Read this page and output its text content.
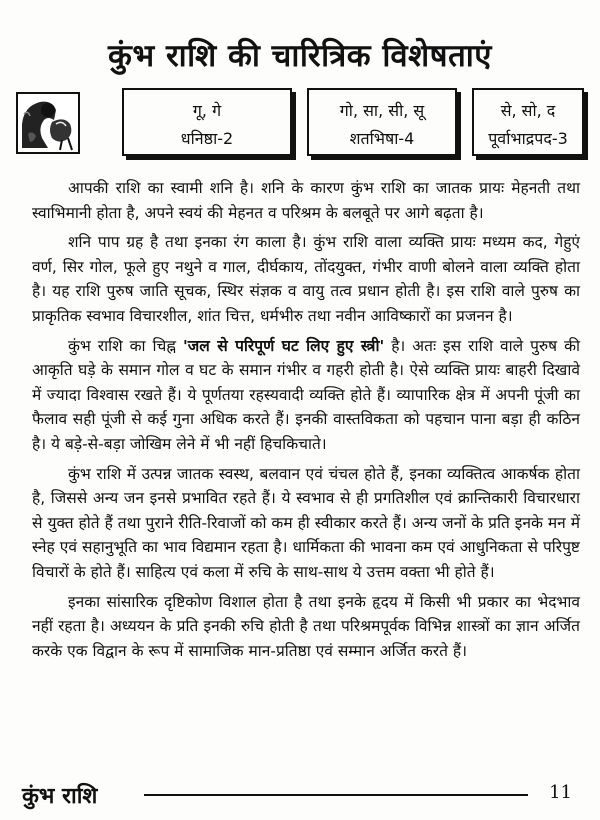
कुंभ राशि की चारित्रिक विशेषताएं
गू, गे
धनिष्ठा-2
गो, सा, सी, सू
शतभिषा-4
से, सो, द
पूर्वाभाद्रपद-3

आपकी राशि का स्वामी शनि है। शनि के कारण कुंभ राशि का जातक प्रायः मेहनती तथा स्वाभिमानी होता है, अपने स्वयं की मेहनत व परिश्रम के बलबूते पर आगे बढ़ता है।

शनि पाप ग्रह है तथा इनका रंग काला है। कुंभ राशि वाला व्यक्ति प्रायः मध्यम कद, गेहुएं वर्ण, सिर गोल, फूले हुए नथुने व गाल, दीर्घकाय, तोंदयुक्त, गंभीर वाणी बोलने वाला व्यक्ति होता है। यह राशि पुरुष जाति सूचक, स्थिर संज्ञक व वायु तत्व प्रधान होती है। इस राशि वाले पुरुष का प्राकृतिक स्वभाव विचारशील, शांत चित्त, धर्मभीरु तथा नवीन आविष्कारों का प्रजनन है।

कुंभ राशि का चिह्न 'जल से परिपूर्ण घट लिए हुए स्त्री' है। अतः इस राशि वाले पुरुष की आकृति घड़े के समान गोल व घट के समान गंभीर व गहरी होती है। ऐसे व्यक्ति प्रायः बाहरी दिखावे में ज्यादा विश्वास रखते हैं। ये पूर्णतया रहस्यवादी व्यक्ति होते हैं। व्यापारिक क्षेत्र में अपनी पूंजी का फैलाव सही पूंजी से कई गुना अधिक करते हैं। इनकी वास्तविकता को पहचान पाना बड़ा ही कठिन है। ये बड़े-से-बड़ा जोखिम लेने में भी नहीं हिचकिचाते।

कुंभ राशि में उत्पन्न जातक स्वस्थ, बलवान एवं चंचल होते हैं, इनका व्यक्तित्व आकर्षक होता है, जिससे अन्य जन इनसे प्रभावित रहते हैं। ये स्वभाव से ही प्रगतिशील एवं क्रान्तिकारी विचारधारा से युक्त होते हैं तथा पुराने रीति-रिवाजों को कम ही स्वीकार करते हैं। अन्य जनों के प्रति इनके मन में स्नेह एवं सहानुभूति का भाव विद्यमान रहता है। धार्मिकता की भावना कम एवं आधुनिकता से परिपुष्ट विचारों के होते हैं। साहित्य एवं कला में रुचि के साथ-साथ ये उत्तम वक्ता भी होते हैं।

इनका सांसारिक दृष्टिकोण विशाल होता है तथा इनके हृदय में किसी भी प्रकार का भेदभाव नहीं रहता है। अध्ययन के प्रति इनकी रुचि होती है तथा परिश्रमपूर्वक विभिन्न शास्त्रों का ज्ञान अर्जित करके एक विद्वान के रूप में सामाजिक मान-प्रतिष्ठा एवं सम्मान अर्जित करते हैं।

कुंभ राशि	11
